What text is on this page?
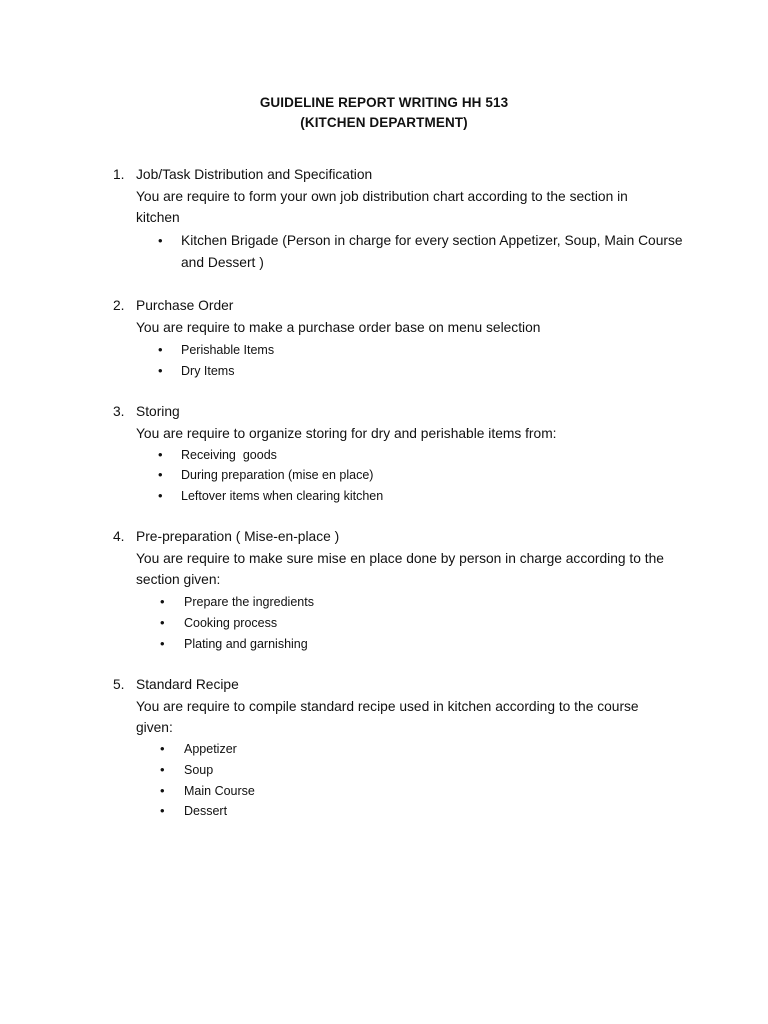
GUIDELINE REPORT WRITING HH 513
(KITCHEN DEPARTMENT)
1. Job/Task Distribution and Specification
You are require to form your own job distribution chart according to the section in
kitchen
• Kitchen Brigade (Person in charge for every section Appetizer, Soup, Main Course
and Dessert )
2. Purchase Order
You are require to make a purchase order base on menu selection
• Perishable Items
• Dry Items
3. Storing
You are require to organize storing for dry and perishable items from:
• Receiving  goods
• During preparation (mise en place)
• Leftover items when clearing kitchen
4. Pre-preparation ( Mise-en-place )
You are require to make sure mise en place done by person in charge according to the
section given:
• Prepare the ingredients
• Cooking process
• Plating and garnishing
5. Standard Recipe
You are require to compile standard recipe used in kitchen according to the course
given:
• Appetizer
• Soup
• Main Course
• Dessert
